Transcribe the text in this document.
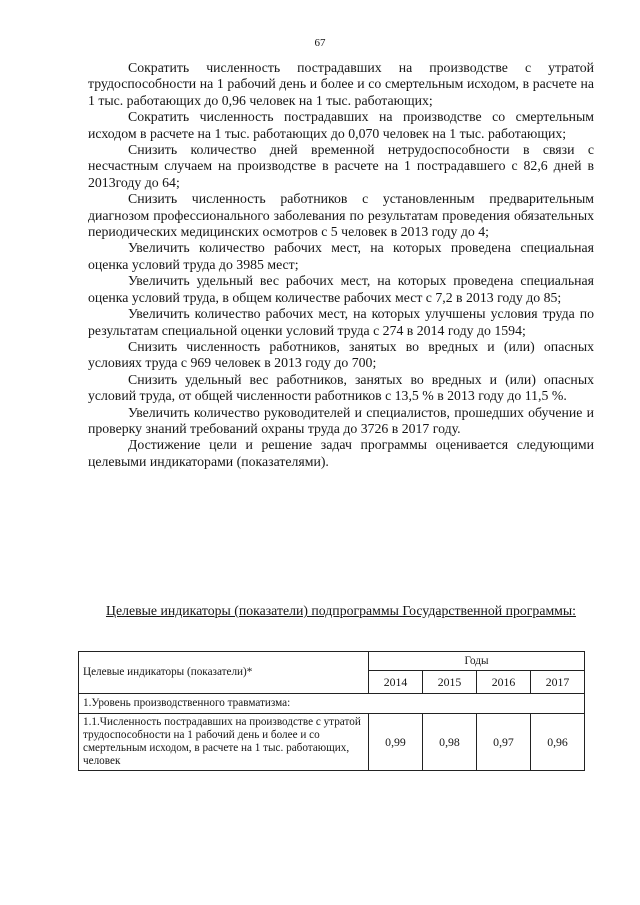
67

Сократить численность пострадавших на производстве с утратой трудоспособности на 1 рабочий день и более и со смертельным исходом, в расчете на 1 тыс. работающих до 0,96 человек на 1 тыс. работающих;

Сократить численность пострадавших на производстве со смертельным исходом в расчете на 1 тыс. работающих до 0,070 человек на 1 тыс. работающих;

Снизить количество дней временной нетрудоспособности в связи с несчастным случаем на производстве в расчете на 1 пострадавшего с 82,6 дней в 2013году до 64;

Снизить численность работников с установленным предварительным диагнозом профессионального заболевания по результатам проведения обязательных периодических медицинских осмотров с 5 человек в 2013 году до 4;

Увеличить количество рабочих мест, на которых проведена специальная оценка условий труда до 3985 мест;

Увеличить удельный вес рабочих мест, на которых проведена специальная оценка условий труда, в общем количестве рабочих мест с 7,2 в 2013 году до 85;

Увеличить количество рабочих мест, на которых улучшены условия труда по результатам специальной оценки условий труда с 274 в 2014 году до 1594;

Снизить численность работников, занятых во вредных и (или) опасных условиях труда с 969 человек в 2013 году до 700;

Снизить удельный вес работников, занятых во вредных и (или) опасных условий труда, от общей численности работников с 13,5 % в 2013 году до 11,5 %.

Увеличить количество руководителей и специалистов, прошедших обучение и проверку знаний требований охраны труда до 3726 в 2017 году.

Достижение цели и решение задач программы оценивается следующими целевыми индикаторами (показателями).

Целевые индикаторы (показатели) подпрограммы Государственной программы:
Целевые индикаторы (показатели)*	Годы			
	2014	2015	2016	2017
1.Уровень производственного травматизма:				
1.1.Численность пострадавших на производстве с утратой трудоспособности на 1 рабочий день и более и со смертельным исходом, в расчете на 1 тыс. работающих, человек	0,99	0,98	0,97	0,96
